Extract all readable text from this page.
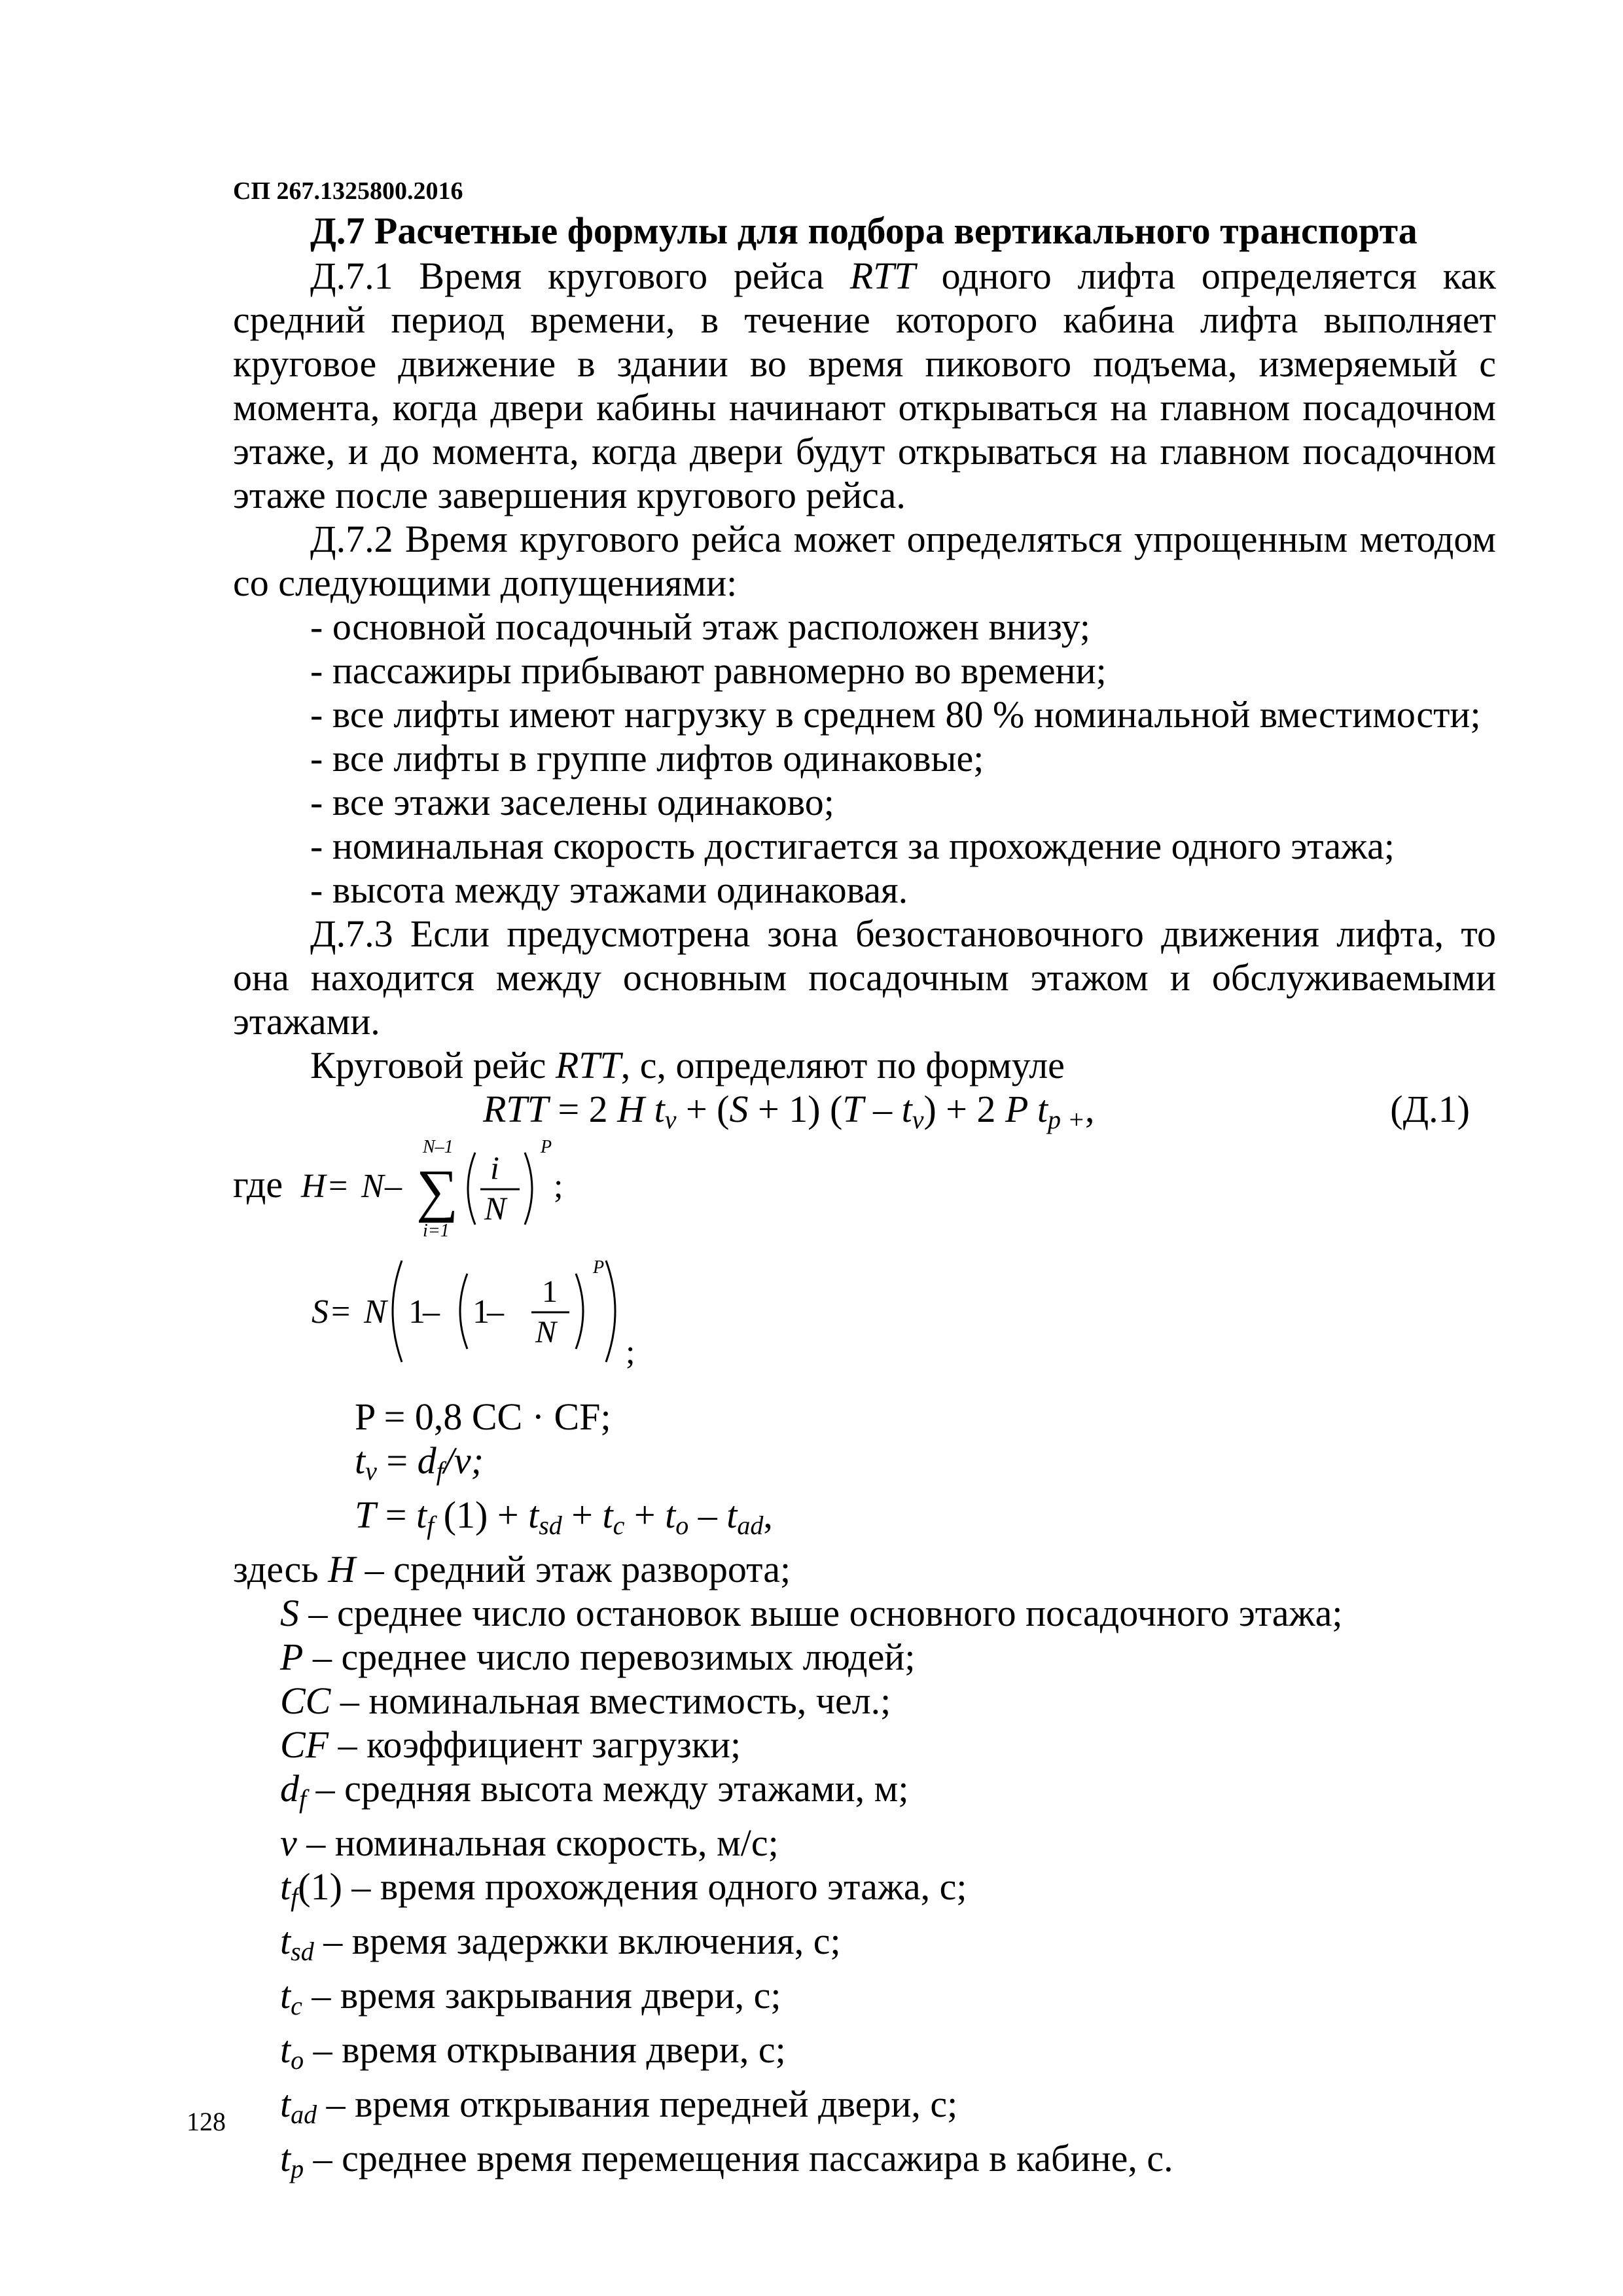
СП 267.1325800.2016

Д.7 Расчетные формулы для подбора вертикального транспорта

Д.7.1 Время кругового рейса RTT одного лифта определяется как средний период времени, в течение которого кабина лифта выполняет круговое движение в здании во время пикового подъема, измеряемый с момента, когда двери кабины начинают открываться на главном посадочном этаже, и до момента, когда двери будут открываться на главном посадочном этаже после завершения кругового рейса.

Д.7.2 Время кругового рейса может определяться упрощенным методом со следующими допущениями:

- основной посадочный этаж расположен внизу;

- пассажиры прибывают равномерно во времени;

- все лифты имеют нагрузку в среднем 80 % номинальной вместимости;

- все лифты в группе лифтов одинаковые;

- все этажи заселены одинаково;

- номинальная скорость достигается за прохождение одного этажа;

- высота между этажами одинаковая.

Д.7.3 Если предусмотрена зона безостановочного движения лифта, то она находится между основным посадочным этажом и обслуживаемыми этажами.

Круговой рейс RTT, с, определяют по формуле

RTT = 2 H $t_v + (S + 1)$ $(T - t_v) + 2$ P $t_{p +}$,	(Д.1)
где H = N –
N–1
∑
i=1
i
N
P
;
S = N 1
– 1
–
1
N
P
;

P = 0,8 CC · CF;

$t_v = d_f/v$;

$T = t_f$ $(1) + t_{sd} + t_c + t_o - t_{ad}$,

здесь H – средний этаж разворота;

S – среднее число остановок выше основного посадочного этажа;

P – среднее число перевозимых людей;

CC – номинальная вместимость, чел.;

CF – коэффициент загрузки;

$d_f$ – средняя высота между этажами, м;

v – номинальная скорость, м/с;

$t_f(1)$ – время прохождения одного этажа, с;

$t_{sd}$ – время задержки включения, с;

$t_c$ – время закрывания двери, с;

$t_o$ – время открывания двери, с;

$t_{ad}$ – время открывания передней двери, с;

$t_p$ – среднее время перемещения пассажира в кабине, с.

128
